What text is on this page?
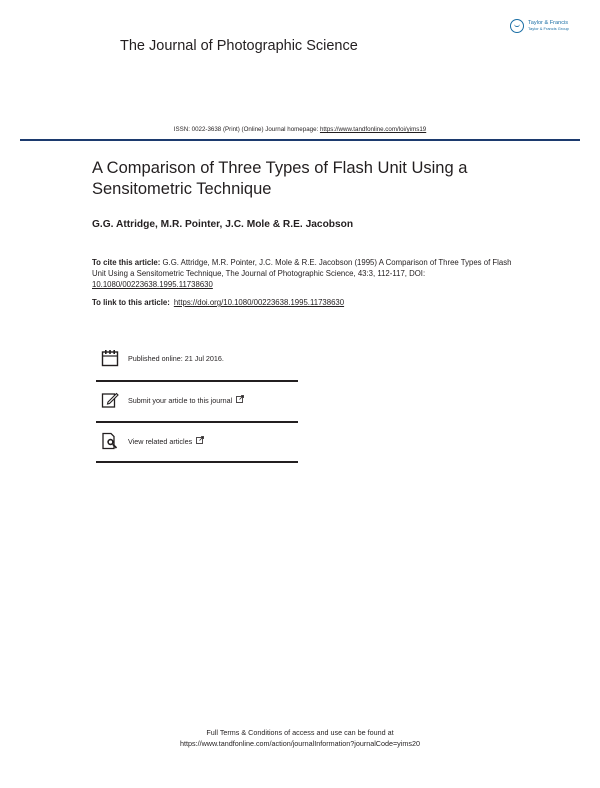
Taylor & Francis
Taylor & Francis Group
The Journal of Photographic Science
ISSN: 0022-3638 (Print) (Online) Journal homepage: https://www.tandfonline.com/loi/yims19
A Comparison of Three Types of Flash Unit Using a Sensitometric Technique
G.G. Attridge, M.R. Pointer, J.C. Mole & R.E. Jacobson
To cite this article: G.G. Attridge, M.R. Pointer, J.C. Mole & R.E. Jacobson (1995) A Comparison of Three Types of Flash Unit Using a Sensitometric Technique, The Journal of Photographic Science, 43:3, 112-117, DOI: 10.1080/00223638.1995.11738630
To link to this article: https://doi.org/10.1080/00223638.1995.11738630
Published online: 21 Jul 2016.
Submit your article to this journal
View related articles
Full Terms & Conditions of access and use can be found at
https://www.tandfonline.com/action/journalInformation?journalCode=yims20
